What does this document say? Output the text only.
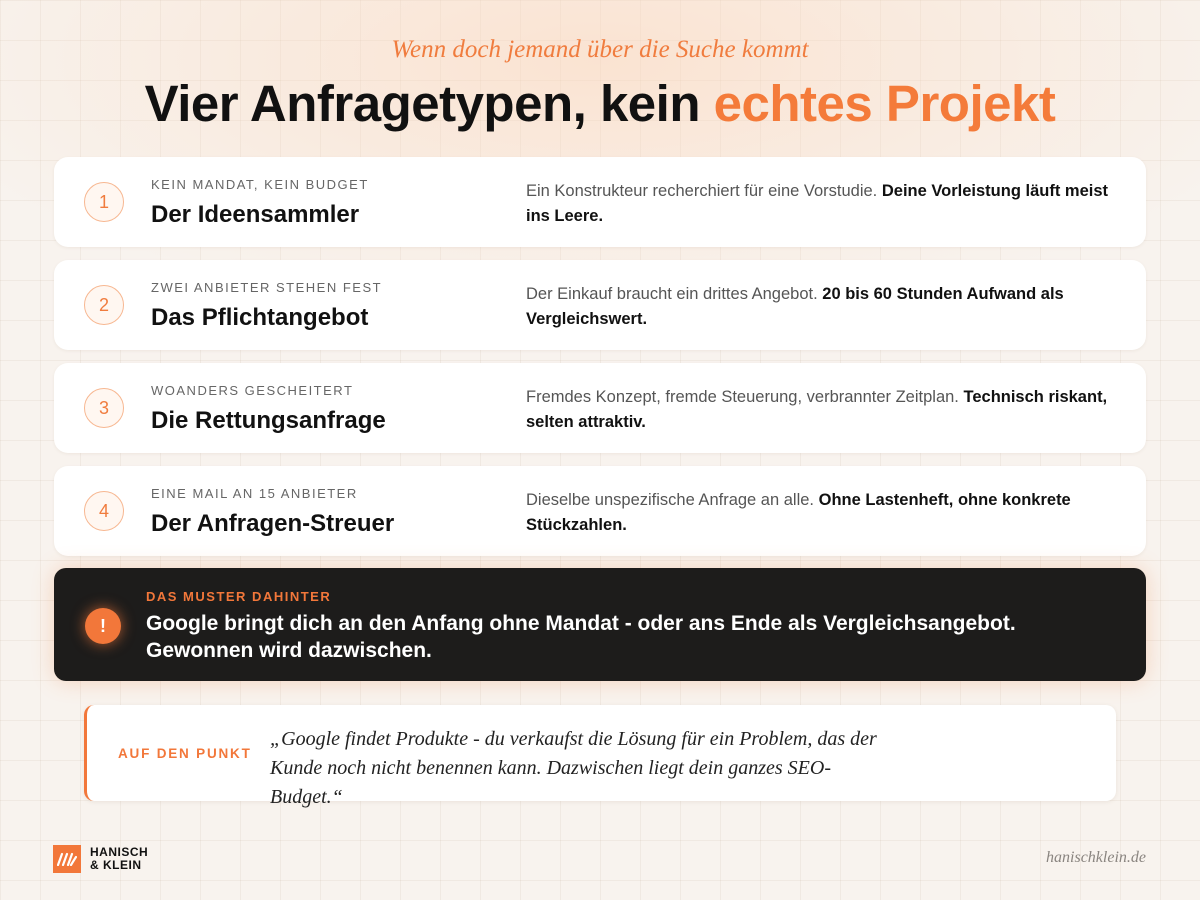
Wenn doch jemand über die Suche kommt
Vier Anfragetypen, kein echtes Projekt
1
KEIN MANDAT, KEIN BUDGET
Der Ideensammler
Ein Konstrukteur recherchiert für eine Vorstudie. Deine Vorleistung läuft meist ins Leere.
2
ZWEI ANBIETER STEHEN FEST
Das Pflichtangebot
Der Einkauf braucht ein drittes Angebot. 20 bis 60 Stunden Aufwand als Vergleichswert.
3
WOANDERS GESCHEITERT
Die Rettungsanfrage
Fremdes Konzept, fremde Steuerung, verbrannter Zeitplan. Technisch riskant, selten attraktiv.
4
EINE MAIL AN 15 ANBIETER
Der Anfragen-Streuer
Dieselbe unspezifische Anfrage an alle. Ohne Lastenheft, ohne konkrete Stückzahlen.
!
DAS MUSTER DAHINTER
Google bringt dich an den Anfang ohne Mandat - oder ans Ende als Vergleichsangebot. Gewonnen wird dazwischen.
AUF DEN PUNKT
„Google findet Produkte - du verkaufst die Lösung für ein Problem, das der Kunde noch nicht benennen kann. Dazwischen liegt dein ganzes SEO-Budget.“
HANISCH
& KLEIN	hanischklein.de
